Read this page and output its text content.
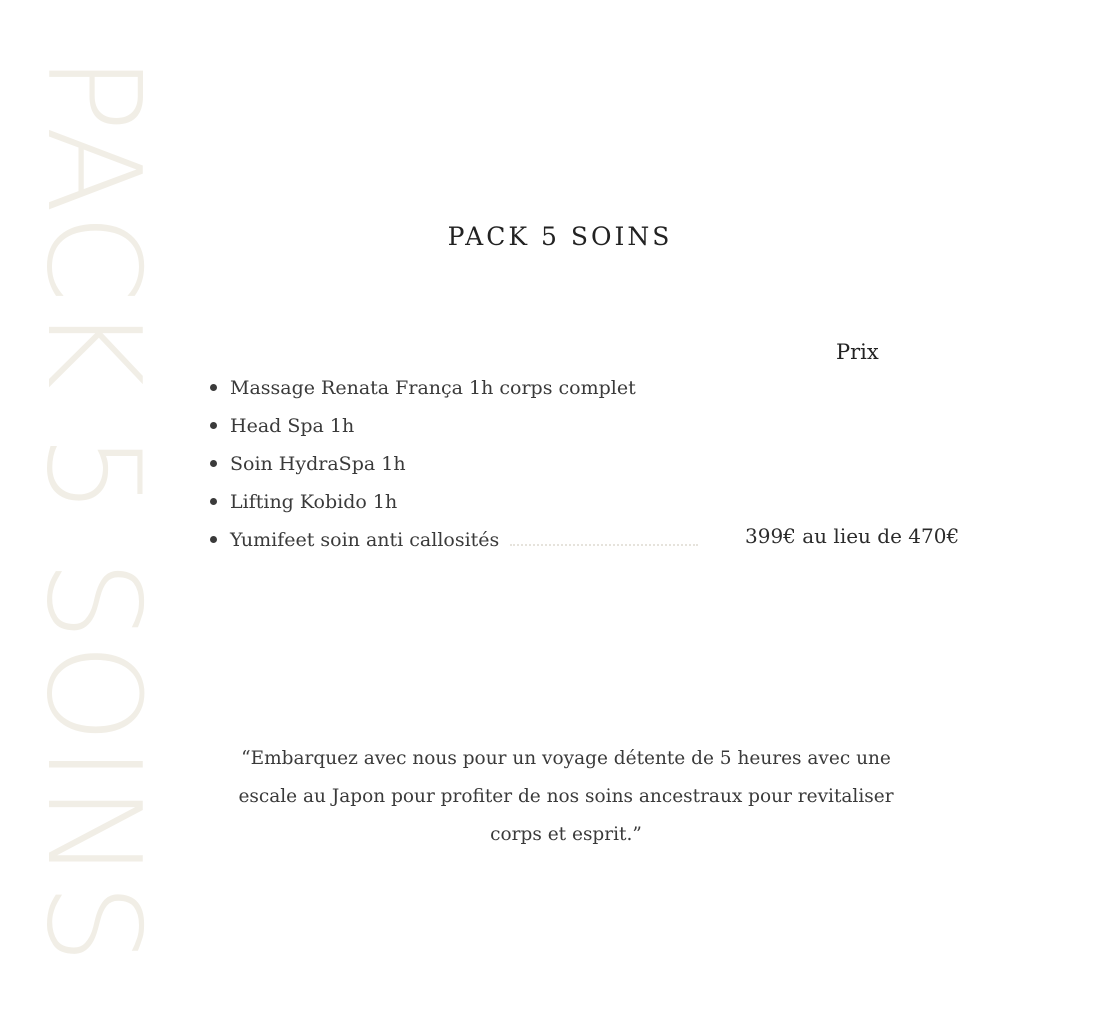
PACK 5 SOINS	PACK 5 SOINS
Prix
Massage Renata França 1h corps complet
Head Spa 1h
Soin HydraSpa 1h
Lifting Kobido 1h
Yumifeet soin anti callosités	399€ au lieu de 470€
“Embarquez avec nous pour un voyage détente de 5 heures avec une escale au Japon pour profiter de nos soins ancestraux pour revitaliser corps et esprit.”
